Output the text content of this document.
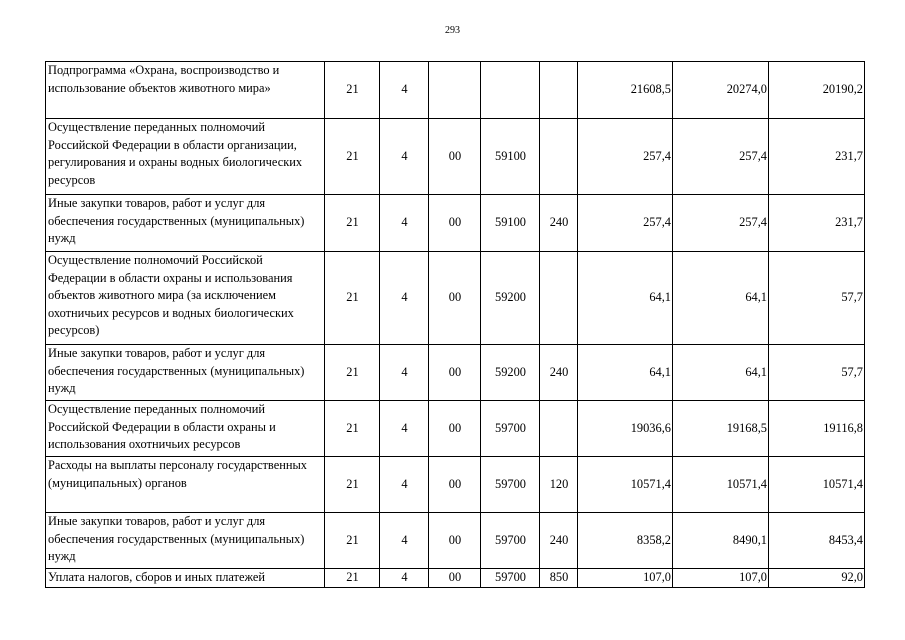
293
Подпрограмма «Охрана, воспроизводство и использование объектов животного мира»	21	4				21608,5	20274,0	20190,2
Осуществление переданных полномочий Российской Федерации в области организации, регулирования и охраны водных биологических ресурсов	21	4	00	59100		257,4	257,4	231,7
Иные закупки товаров, работ и услуг для обеспечения государственных (муниципальных) нужд	21	4	00	59100	240	257,4	257,4	231,7
Осуществление полномочий Российской Федерации в области охраны и использования объектов животного мира (за исключением охотничьих ресурсов и водных биологических ресурсов)	21	4	00	59200		64,1	64,1	57,7
Иные закупки товаров, работ и услуг для обеспечения государственных (муниципальных) нужд	21	4	00	59200	240	64,1	64,1	57,7
Осуществление переданных полномочий Российской Федерации в области охраны и использования охотничьих ресурсов	21	4	00	59700		19036,6	19168,5	19116,8
Расходы на выплаты персоналу государственных (муниципальных) органов	21	4	00	59700	120	10571,4	10571,4	10571,4
Иные закупки товаров, работ и услуг для обеспечения государственных (муниципальных) нужд	21	4	00	59700	240	8358,2	8490,1	8453,4
Уплата налогов, сборов и иных платежей	21	4	00	59700	850	107,0	107,0	92,0
